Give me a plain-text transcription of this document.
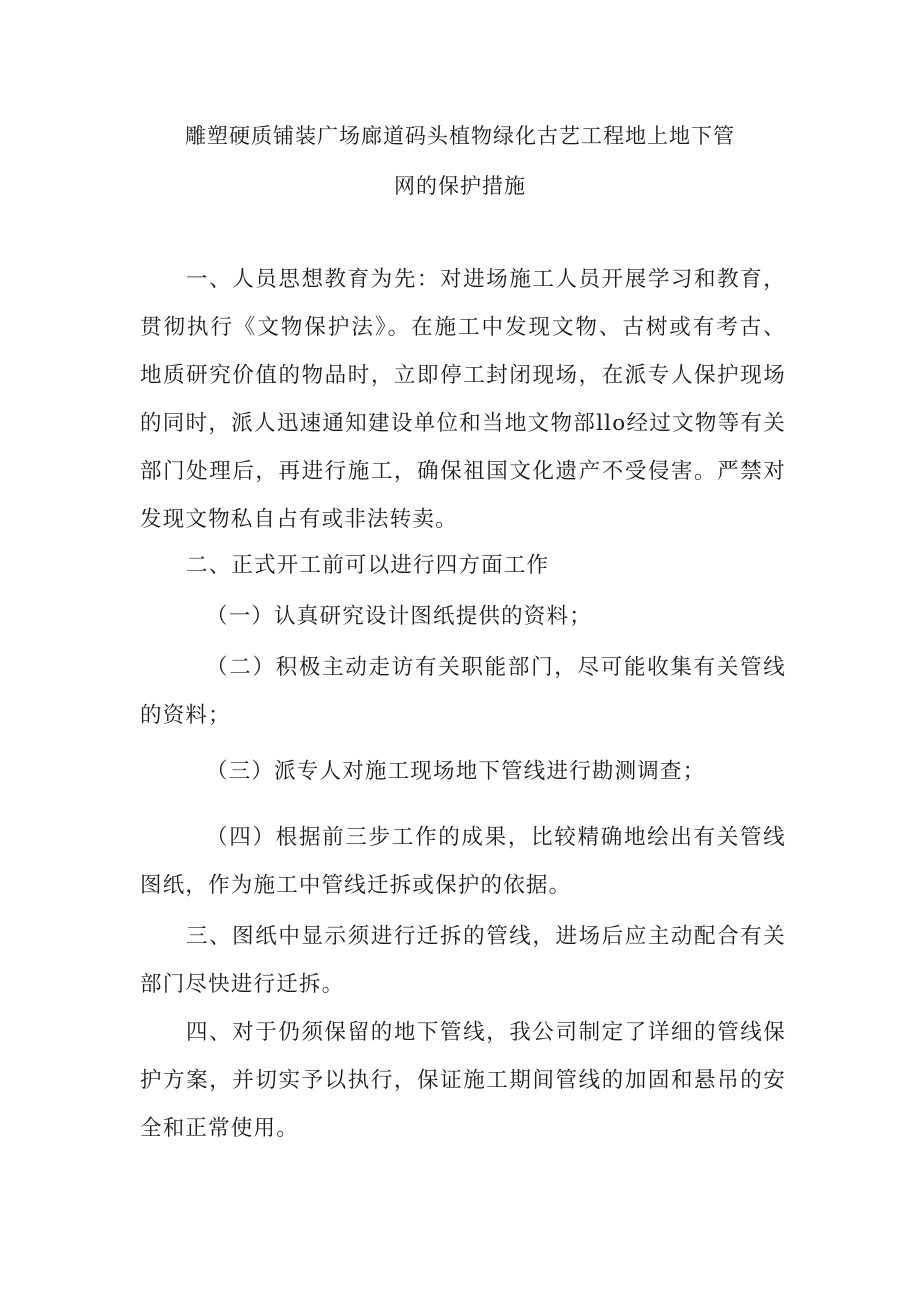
雕塑硬质铺装广场廊道码头植物绿化古艺工程地上地下管
网的保护措施

一、人员思想教育为先：对进场施工人员开展学习和教育，贯彻执行《文物保护法》。在施工中发现文物、古树或有考古、地质研究价值的物品时，立即停工封闭现场，在派专人保护现场的同时，派人迅速通知建设单位和当地文物部llo经过文物等有关部门处理后，再进行施工，确保祖国文化遗产不受侵害。严禁对发现文物私自占有或非法转卖。

二、正式开工前可以进行四方面工作

（一）认真研究设计图纸提供的资料；

（二）积极主动走访有关职能部门，尽可能收集有关管线的资料；

（三）派专人对施工现场地下管线进行勘测调查；

（四）根据前三步工作的成果，比较精确地绘出有关管线图纸，作为施工中管线迁拆或保护的依据。

三、图纸中显示须进行迁拆的管线，进场后应主动配合有关部门尽快进行迁拆。

四、对于仍须保留的地下管线，我公司制定了详细的管线保护方案，并切实予以执行，保证施工期间管线的加固和悬吊的安全和正常使用。
